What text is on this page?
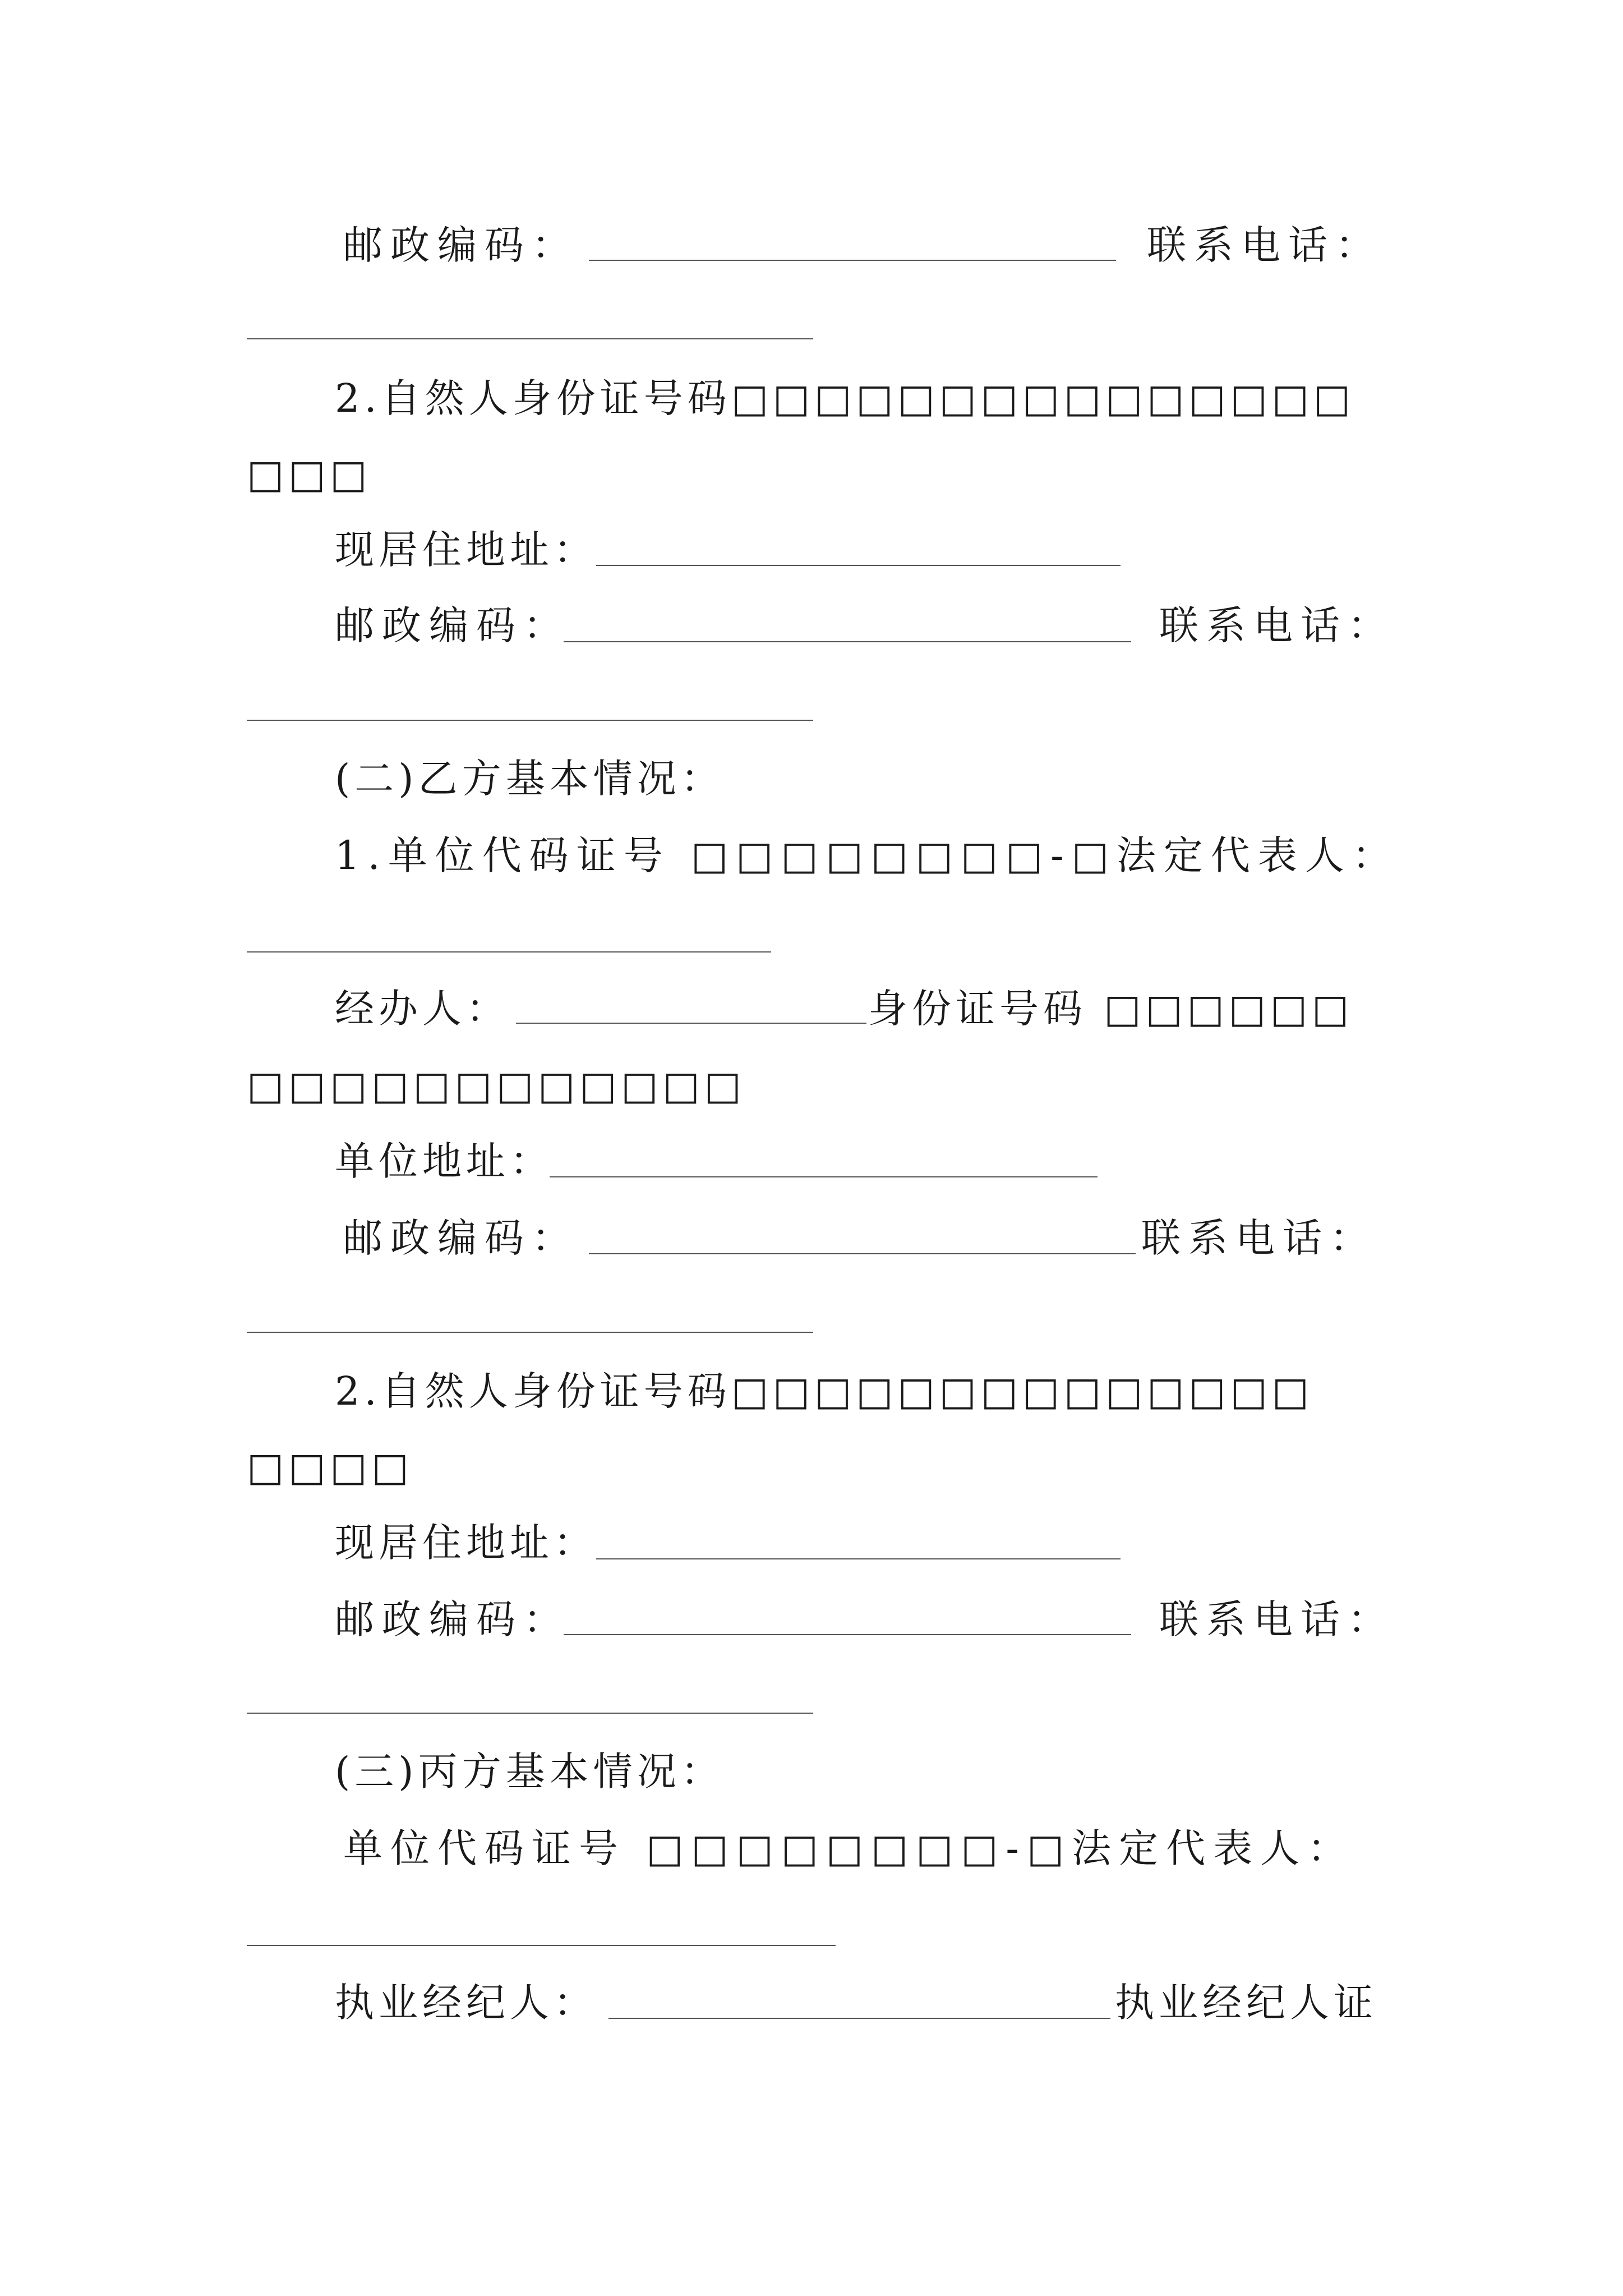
邮政编码：	联系电话：
2.自然人身份证号码□□□□□□□□□□□□□□□
□□□
现居住地址：
邮政编码：	联系电话：
(二)乙方基本情况：
1.单位代码证号 □□□□□□□□-□法定代表人：
经办人：	身份证号码 □□□□□□
□□□□□□□□□□□□
单位地址：
邮政编码：	联系电话：
2.自然人身份证号码□□□□□□□□□□□□□□
□□□□
现居住地址：
邮政编码：	联系电话：
(三)丙方基本情况：
单位代码证号 □□□□□□□□-□法定代表人：
执业经纪人：	执业经纪人证
